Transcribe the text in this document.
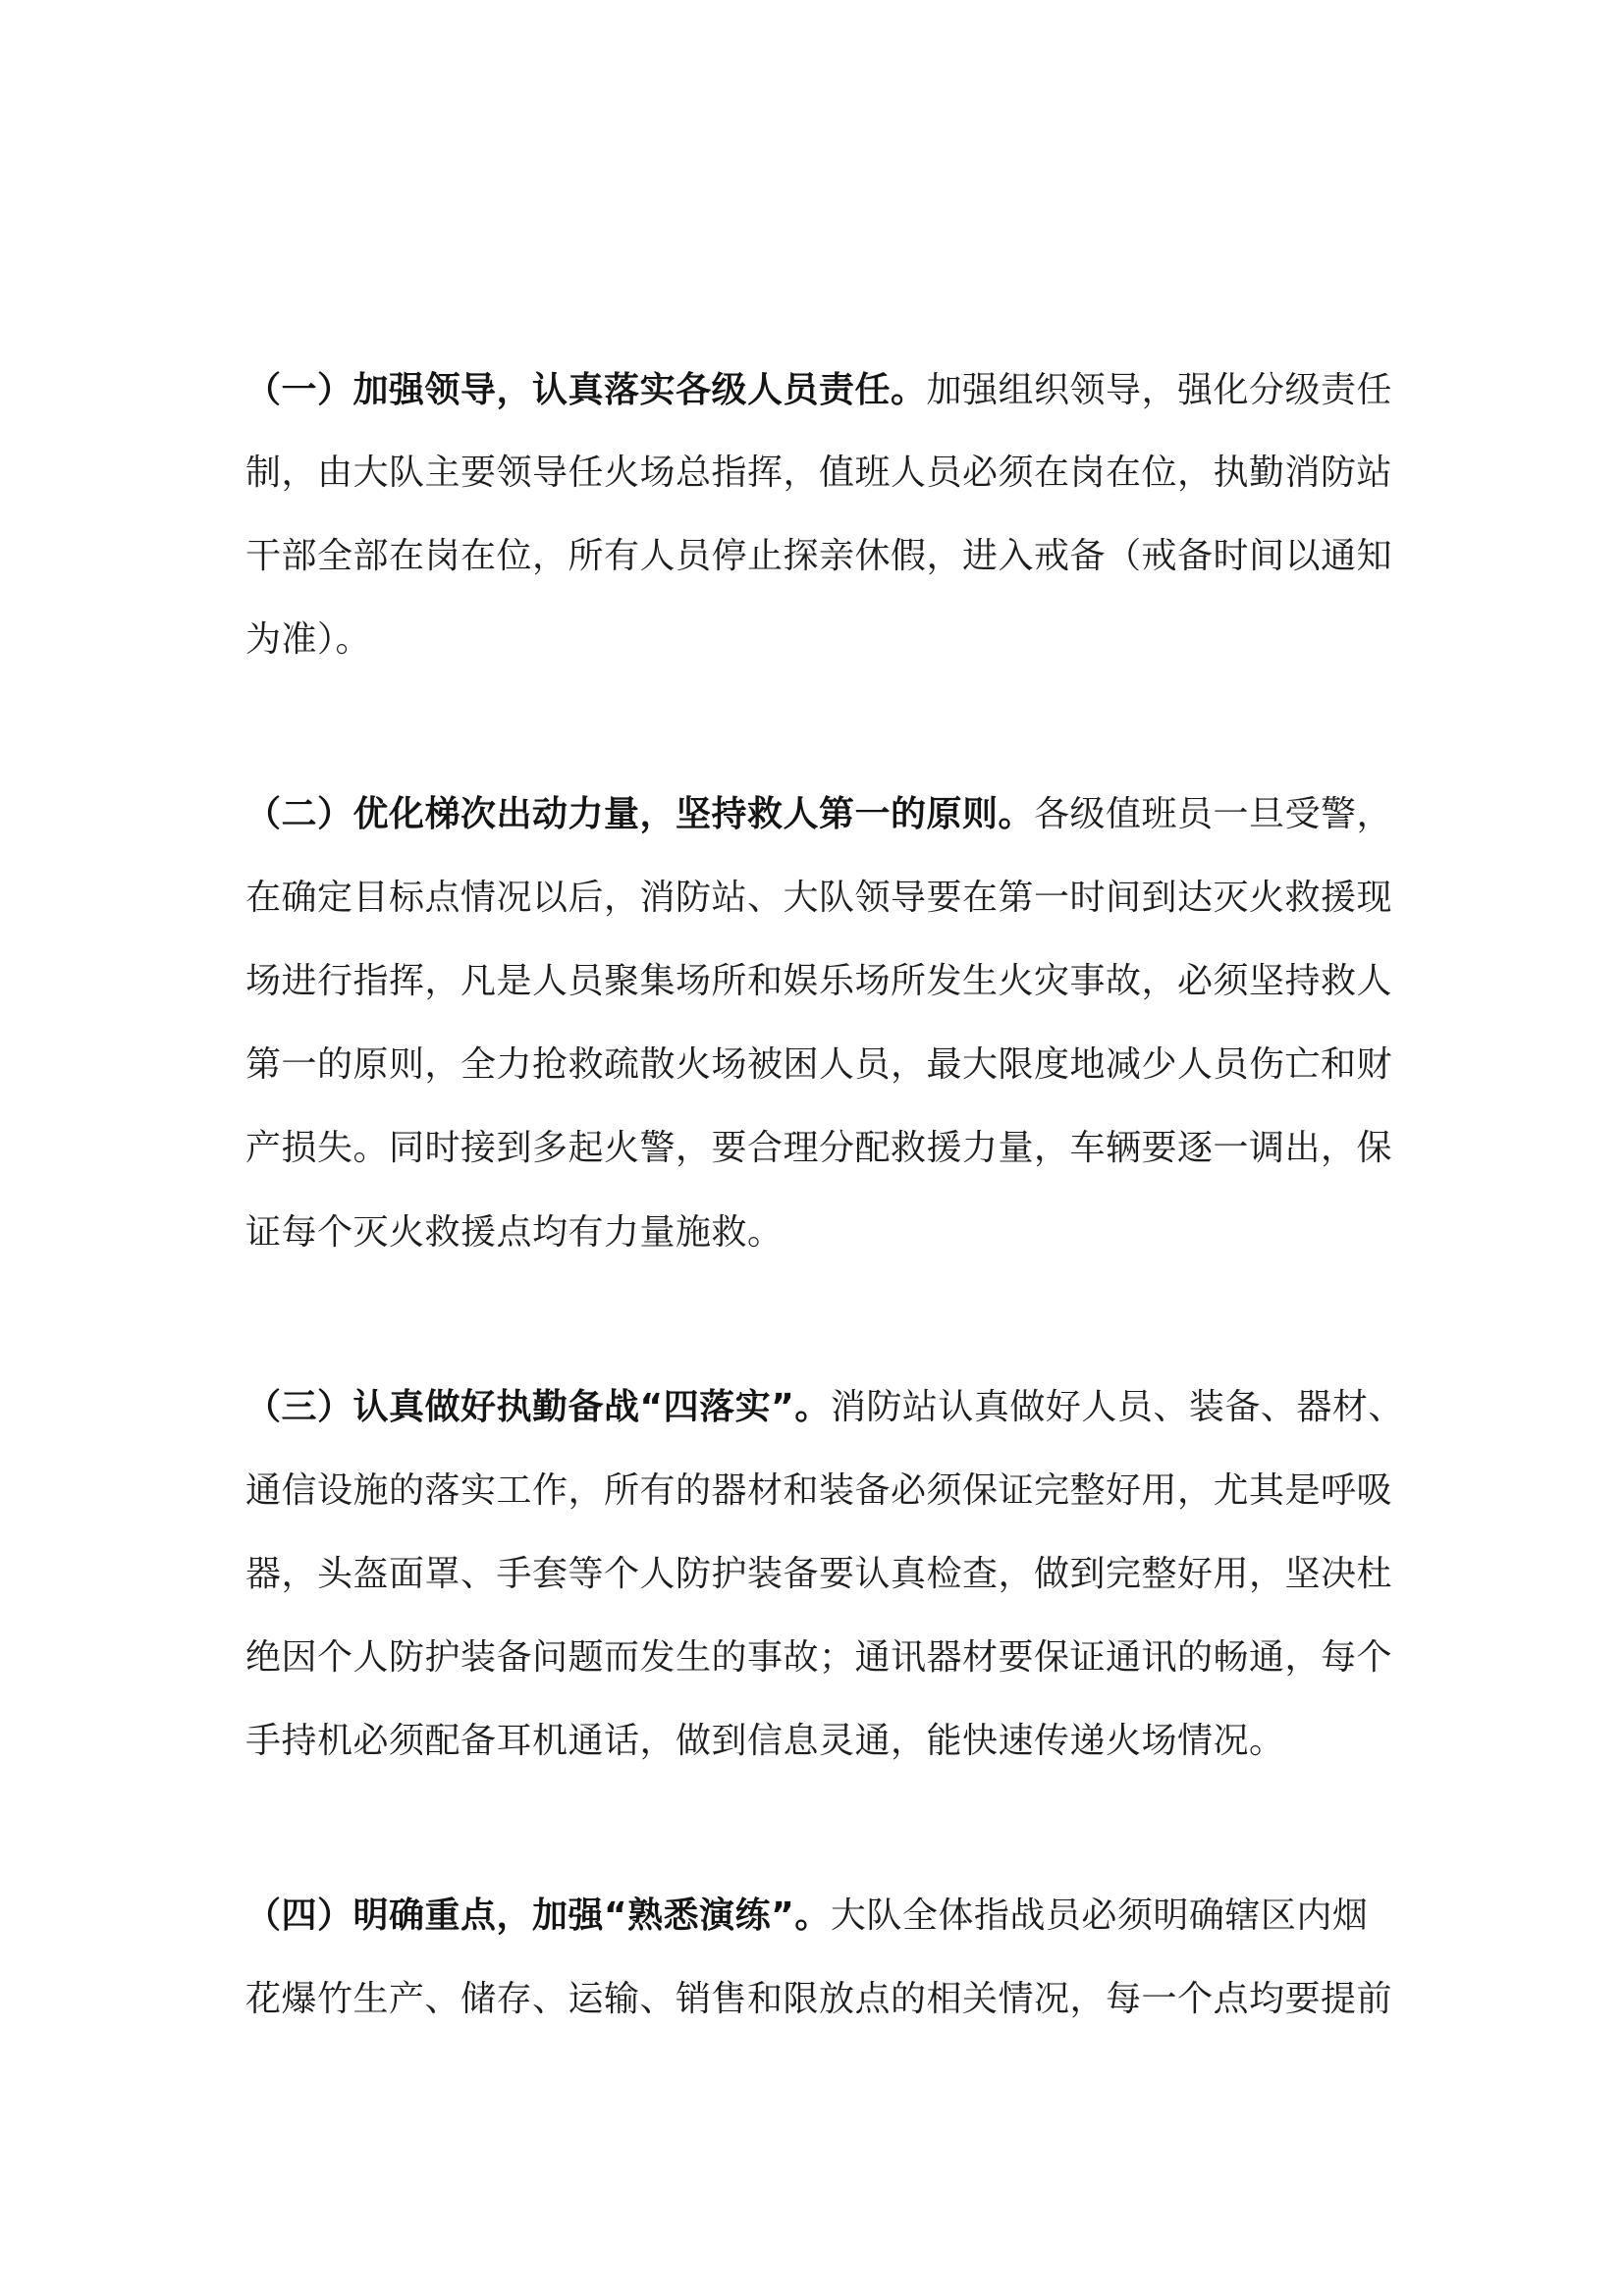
（一）加强领导，认真落实各级人员责任。加强组织领导，强化分级责任
制，由大队主要领导任火场总指挥，值班人员必须在岗在位，执勤消防站
干部全部在岗在位，所有人员停止探亲休假，进入戒备（戒备时间以通知
为准）。
（二）优化梯次出动力量，坚持救人第一的原则。各级值班员一旦受警，
在确定目标点情况以后，消防站、大队领导要在第一时间到达灭火救援现
场进行指挥，凡是人员聚集场所和娱乐场所发生火灾事故，必须坚持救人
第一的原则，全力抢救疏散火场被困人员，最大限度地减少人员伤亡和财
产损失。同时接到多起火警，要合理分配救援力量，车辆要逐一调出，保
证每个灭火救援点均有力量施救。
（三）认真做好执勤备战“四落实”。消防站认真做好人员、装备、器材、
通信设施的落实工作，所有的器材和装备必须保证完整好用，尤其是呼吸
器，头盔面罩、手套等个人防护装备要认真检查，做到完整好用，坚决杜
绝因个人防护装备问题而发生的事故；通讯器材要保证通讯的畅通，每个
手持机必须配备耳机通话，做到信息灵通，能快速传递火场情况。
（四）明确重点，加强“熟悉演练”。大队全体指战员必须明确辖区内烟
花爆竹生产、储存、运输、销售和限放点的相关情况，每一个点均要提前
